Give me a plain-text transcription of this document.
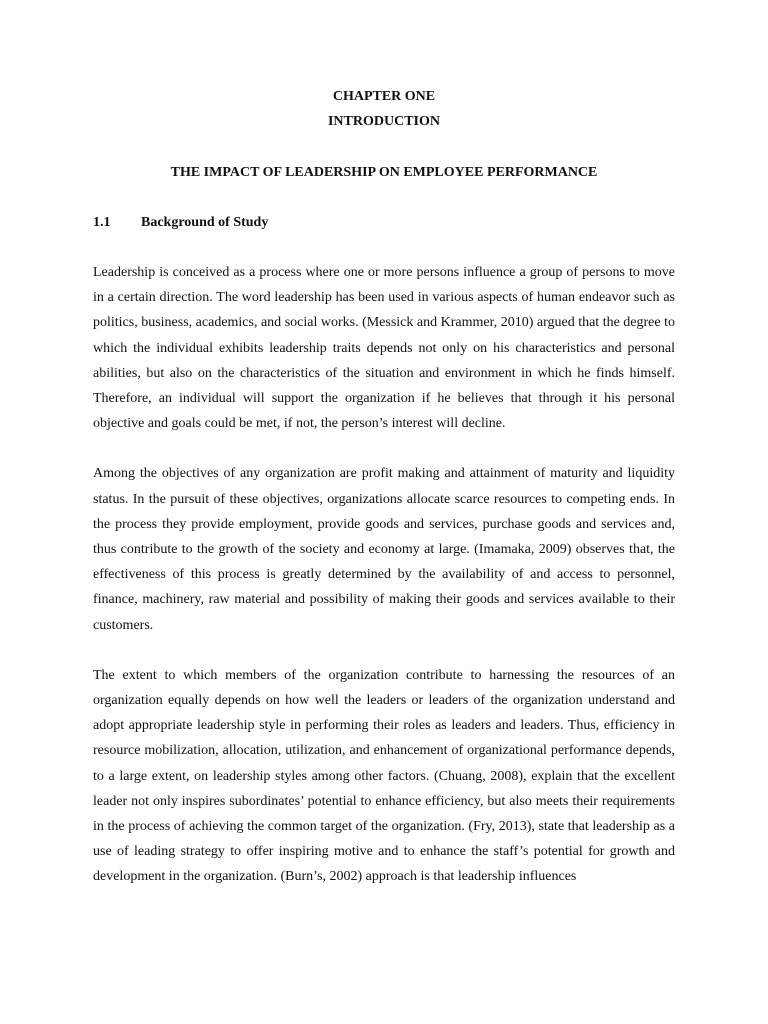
CHAPTER ONE

INTRODUCTION

THE IMPACT OF LEADERSHIP ON EMPLOYEE PERFORMANCE

1.1	Background of Study

Leadership is conceived as a process where one or more persons influence a group of persons to move in a certain direction. The word leadership has been used in various aspects of human endeavor such as politics, business, academics, and social works. (Messick and Krammer, 2010) argued that the degree to which the individual exhibits leadership traits depends not only on his characteristics and personal abilities, but also on the characteristics of the situation and environment in which he finds himself. Therefore, an individual will support the organization if he believes that through it his personal objective and goals could be met, if not, the person’s interest will decline.

Among the objectives of any organization are profit making and attainment of maturity and liquidity status. In the pursuit of these objectives, organizations allocate scarce resources to competing ends. In the process they provide employment, provide goods and services, purchase goods and services and, thus contribute to the growth of the society and economy at large. (Imamaka, 2009) observes that, the effectiveness of this process is greatly determined by the availability of and access to personnel, finance, machinery, raw material and possibility of making their goods and services available to their customers.

The extent to which members of the organization contribute to harnessing the resources of an organization equally depends on how well the leaders or leaders of the organization understand and adopt appropriate leadership style in performing their roles as leaders and leaders. Thus, efficiency in resource mobilization, allocation, utilization, and enhancement of organizational performance depends, to a large extent, on leadership styles among other factors. (Chuang, 2008), explain that the excellent leader not only inspires subordinates’ potential to enhance efficiency, but also meets their requirements in the process of achieving the common target of the organization. (Fry, 2013), state that leadership as a use of leading strategy to offer inspiring motive and to enhance the staff’s potential for growth and development in the organization. (Burn’s, 2002) approach is that leadership influences
